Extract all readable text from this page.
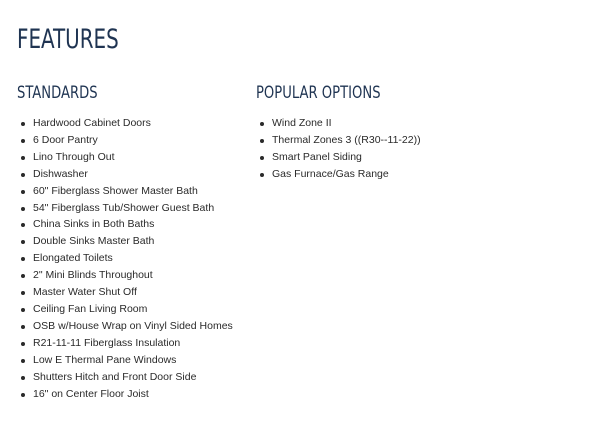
FEATURES
STANDARDS
Hardwood Cabinet Doors
6 Door Pantry
Lino Through Out
Dishwasher
60" Fiberglass Shower Master Bath
54" Fiberglass Tub/Shower Guest Bath
China Sinks in Both Baths
Double Sinks Master Bath
Elongated Toilets
2" Mini Blinds Throughout
Master Water Shut Off
Ceiling Fan Living Room
OSB w/House Wrap on Vinyl Sided Homes
R21-11-11 Fiberglass Insulation
Low E Thermal Pane Windows
Shutters Hitch and Front Door Side
16" on Center Floor Joist
POPULAR OPTIONS
Wind Zone II
Thermal Zones 3 ((R30--11-22))
Smart Panel Siding
Gas Furnace/Gas Range
